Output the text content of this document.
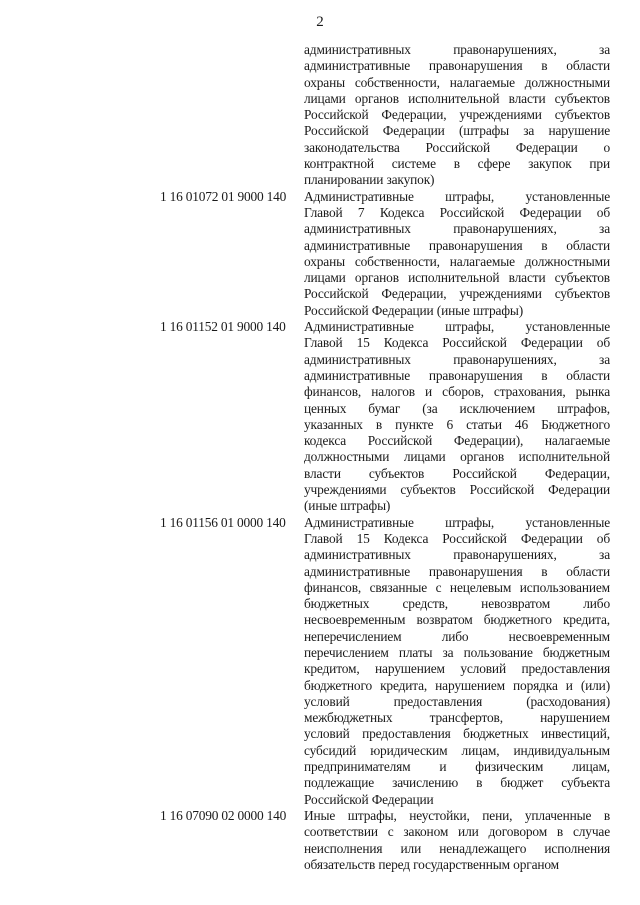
2
административных правонарушениях, за
административные правонарушения в области
охраны собственности, налагаемые должностными
лицами органов исполнительной власти субъектов
Российской Федерации, учреждениями субъектов
Российской Федерации (штрафы за нарушение
законодательства Российской Федерации о
контрактной системе в сфере закупок при
планировании закупок)
1 16 01072 01 9000 140 Административные штрафы, установленные
Главой 7 Кодекса Российской Федерации об
административных правонарушениях, за
административные правонарушения в области
охраны собственности, налагаемые должностными
лицами органов исполнительной власти субъектов
Российской Федерации, учреждениями субъектов
Российской Федерации (иные штрафы)
1 16 01152 01 9000 140 Административные штрафы, установленные
Главой 15 Кодекса Российской Федерации об
административных правонарушениях, за
административные правонарушения в области
финансов, налогов и сборов, страхования, рынка
ценных бумаг (за исключением штрафов,
указанных в пункте 6 статьи 46 Бюджетного
кодекса Российской Федерации), налагаемые
должностными лицами органов исполнительной
власти субъектов Российской Федерации,
учреждениями субъектов Российской Федерации
(иные штрафы)
1 16 01156 01 0000 140 Административные штрафы, установленные
Главой 15 Кодекса Российской Федерации об
административных правонарушениях, за
административные правонарушения в области
финансов, связанные с нецелевым использованием
бюджетных средств, невозвратом либо
несвоевременным возвратом бюджетного кредита,
неперечислением либо несвоевременным
перечислением платы за пользование бюджетным
кредитом, нарушением условий предоставления
бюджетного кредита, нарушением порядка и (или)
условий предоставления (расходования)
межбюджетных трансфертов, нарушением
условий предоставления бюджетных инвестиций,
субсидий юридическим лицам, индивидуальным
предпринимателям и физическим лицам,
подлежащие зачислению в бюджет субъекта
Российской Федерации
1 16 07090 02 0000 140 Иные штрафы, неустойки, пени, уплаченные в
соответствии с законом или договором в случае
неисполнения или ненадлежащего исполнения
обязательств перед государственным органом
